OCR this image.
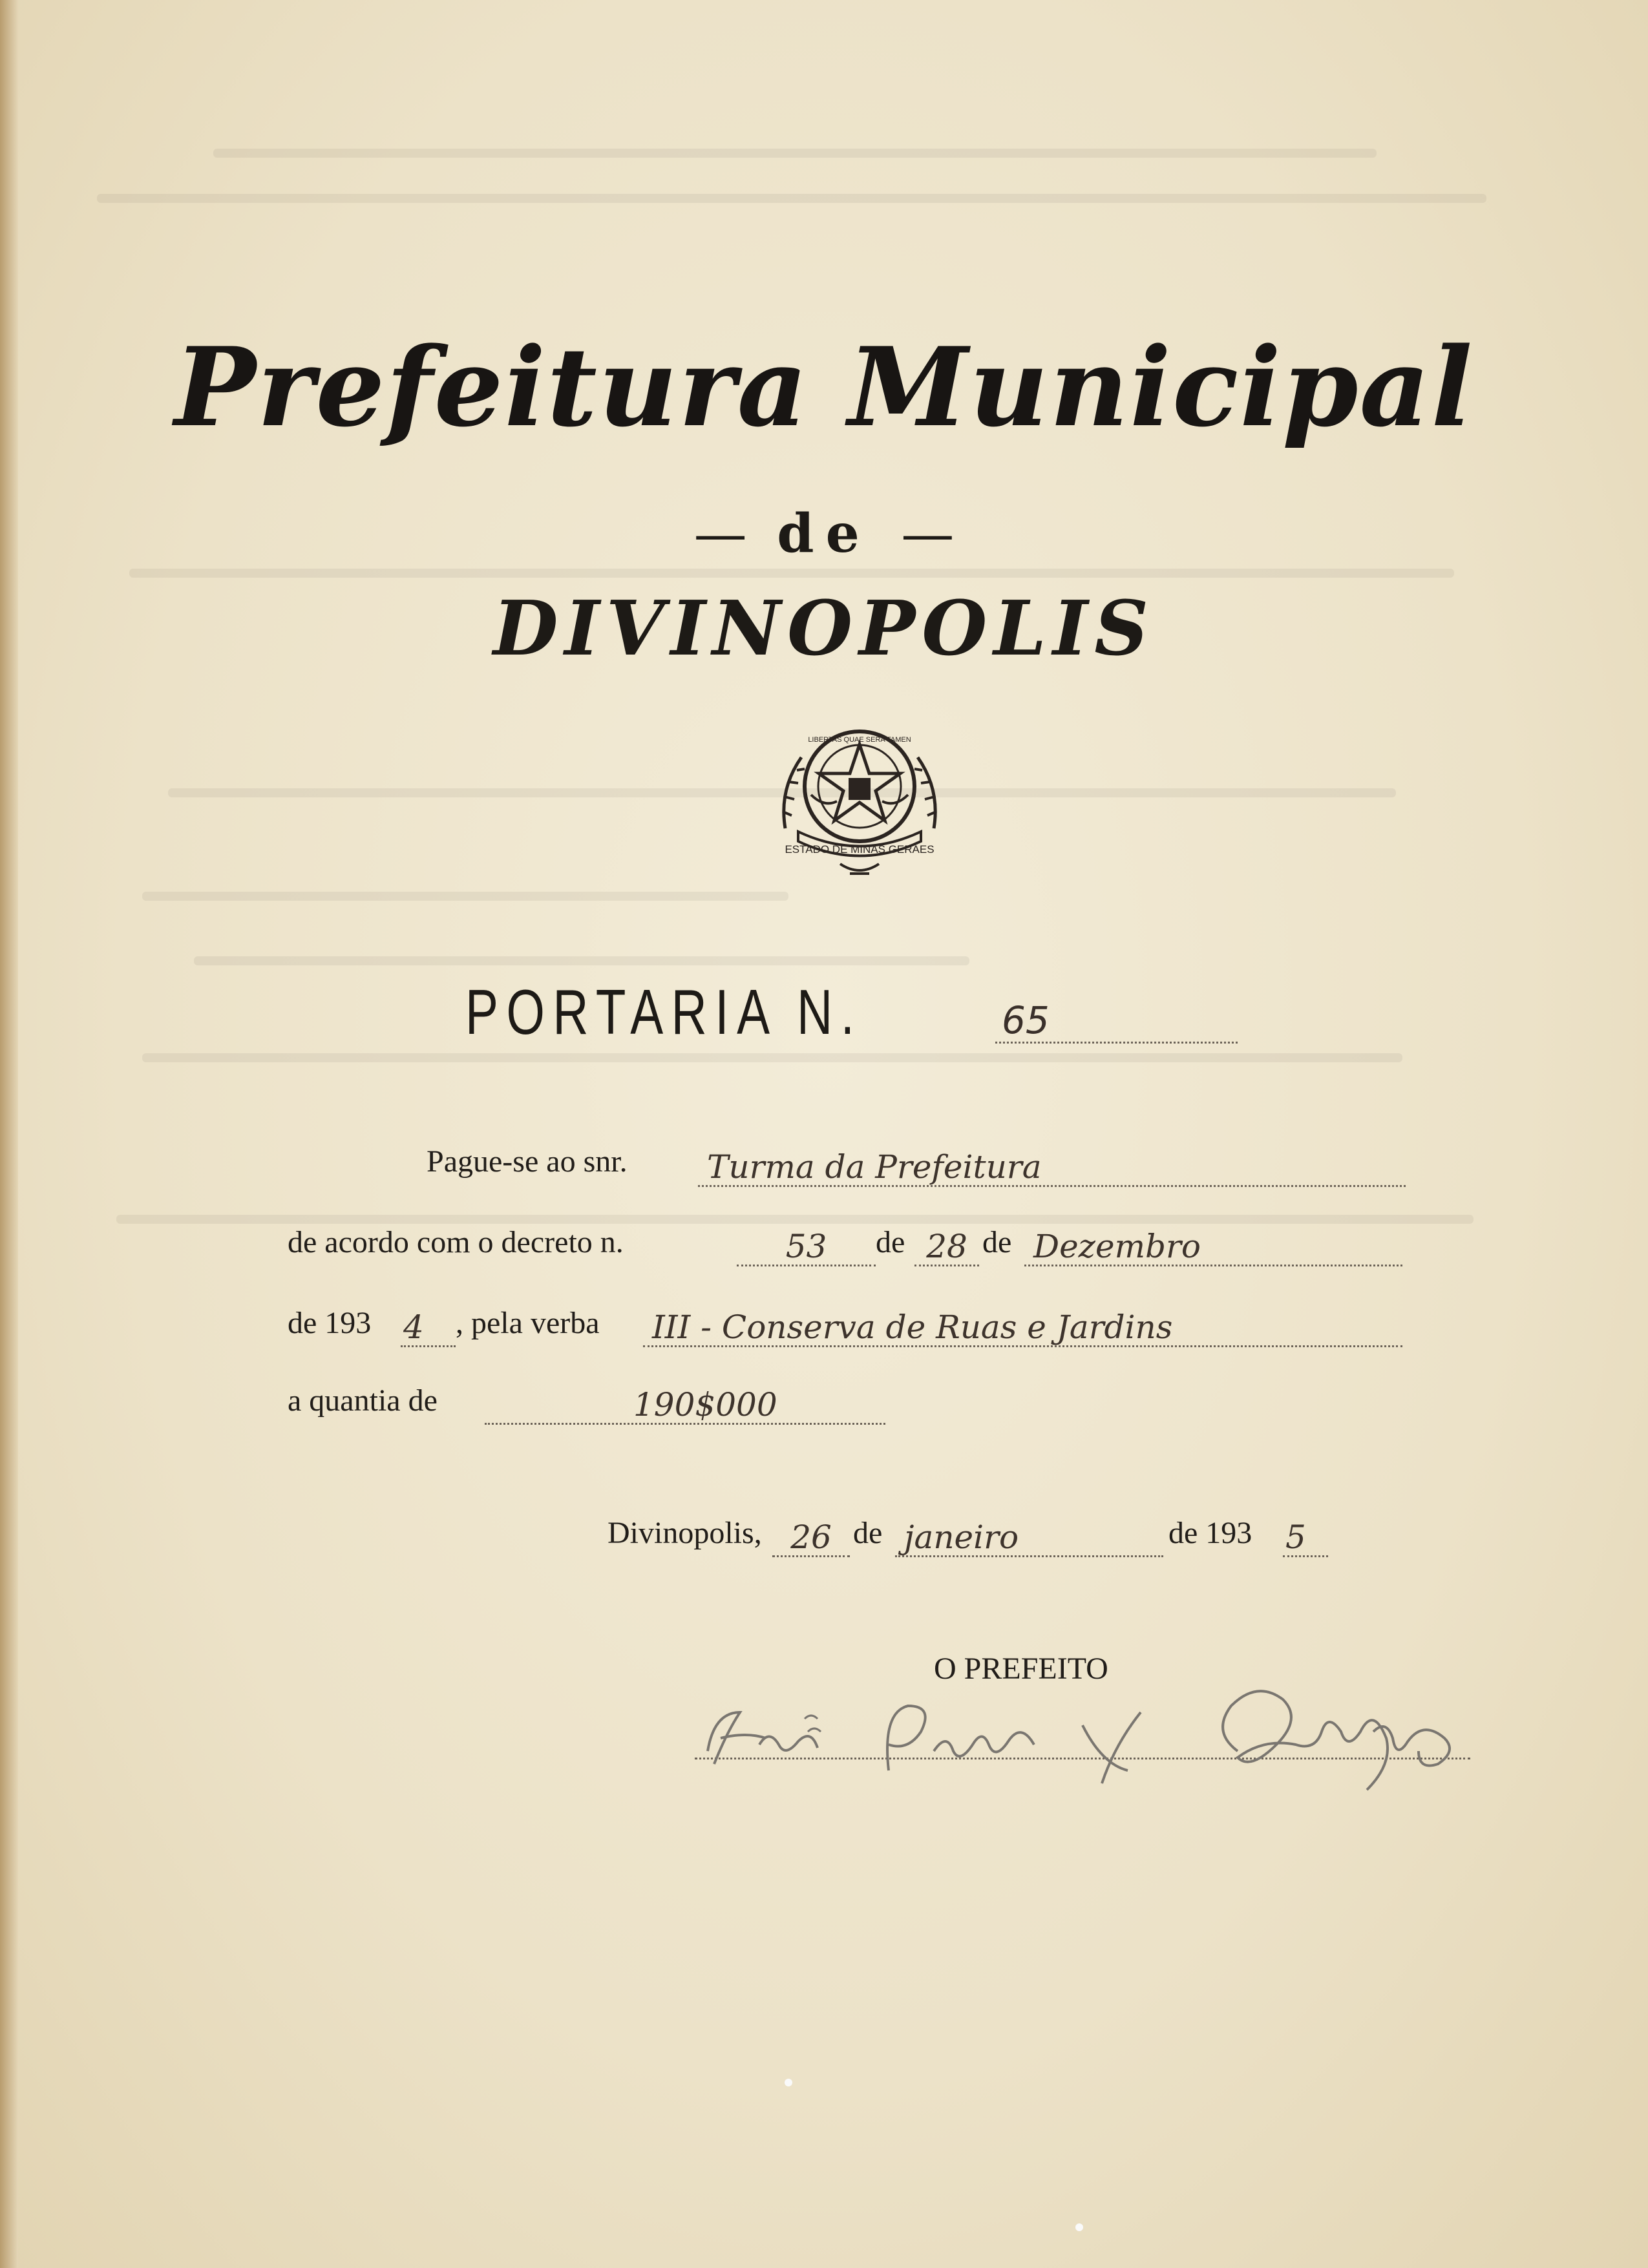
Prefeitura Municipal
— de —
DIVINOPOLIS
ESTADO DE MINAS GERAES
LIBERTAS QUAE SERA TAMEN
PORTARIA N.	65
Pague-se ao snr. Turma da Prefeitura
de acordo com o decreto n.	53	de 28 de Dezembro
de 193 4	, pela verba III - Conserva de Ruas e Jardins
a quantia de	190$000
Divinopolis, 26 de janeiro	de 193 5
O PREFEITO
Pedro X. Gontijo
